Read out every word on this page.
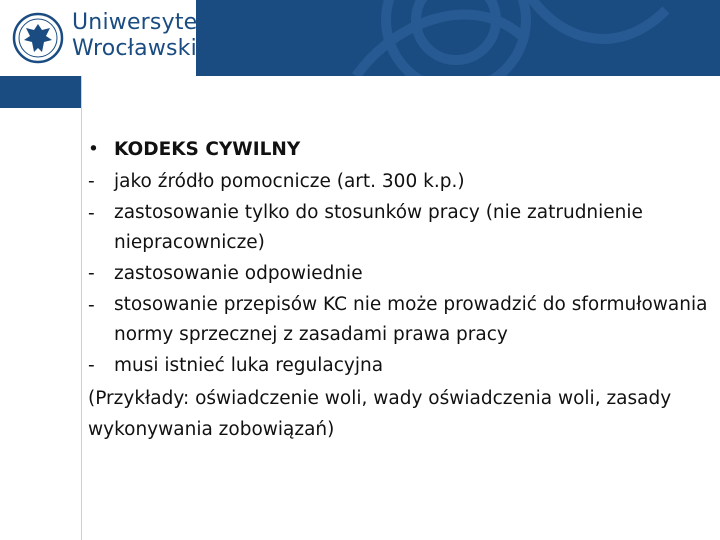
Uniwersytet
Wrocławski
• KODEKS CYWILNY
-	jako źródło pomocnicze (art. 300 k.p.)
-	zastosowanie tylko do stosunków pracy (nie zatrudnienie niepracownicze)
-	zastosowanie odpowiednie
-	stosowanie przepisów KC nie może prowadzić do sformułowania normy sprzecznej z zasadami prawa pracy
-	musi istnieć luka regulacyjna
(Przykłady: oświadczenie woli, wady oświadczenia woli, zasady wykonywania zobowiązań)
